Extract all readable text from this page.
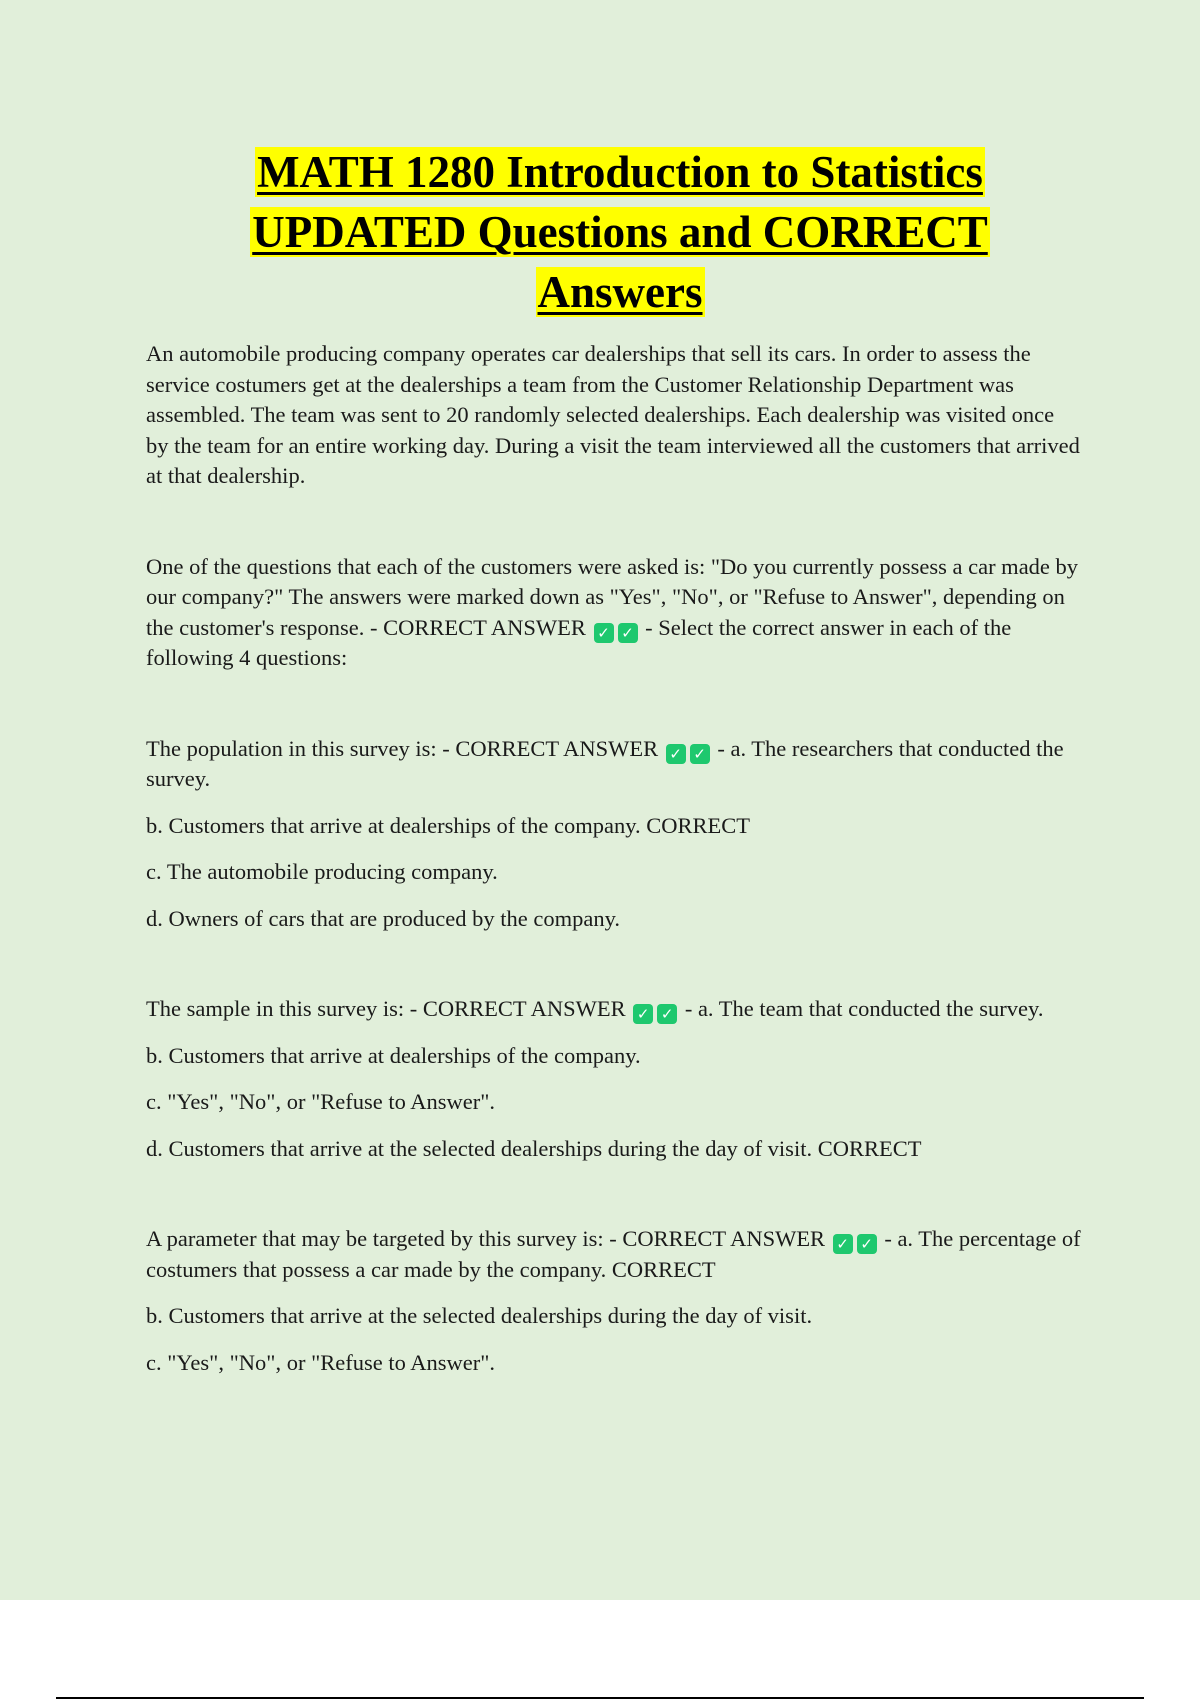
MATH 1280 Introduction to Statistics
UPDATED Questions and CORRECT
Answers

An automobile producing company operates car dealerships that sell its cars. In order to assess the service costumers get at the dealerships a team from the Customer Relationship Department was assembled. The team was sent to 20 randomly selected dealerships. Each dealership was visited once by the team for an entire working day. During a visit the team interviewed all the customers that arrived at that dealership.

One of the questions that each of the customers were asked is: "Do you currently possess a car made by our company?" The answers were marked down as "Yes", "No", or "Refuse to Answer", depending on the customer's response. - CORRECT ANSWER ✓ ✓ - Select the correct answer in each of the following 4 questions:

The population in this survey is: - CORRECT ANSWER ✓ ✓ - a. The researchers that conducted the survey.

b. Customers that arrive at dealerships of the company. CORRECT

c. The automobile producing company.

d. Owners of cars that are produced by the company.

The sample in this survey is: - CORRECT ANSWER ✓ ✓ - a. The team that conducted the survey.

b. Customers that arrive at dealerships of the company.

c. "Yes", "No", or "Refuse to Answer".

d. Customers that arrive at the selected dealerships during the day of visit. CORRECT

A parameter that may be targeted by this survey is: - CORRECT ANSWER ✓ ✓ - a. The percentage of costumers that possess a car made by the company. CORRECT

b. Customers that arrive at the selected dealerships during the day of visit.

c. "Yes", "No", or "Refuse to Answer".
